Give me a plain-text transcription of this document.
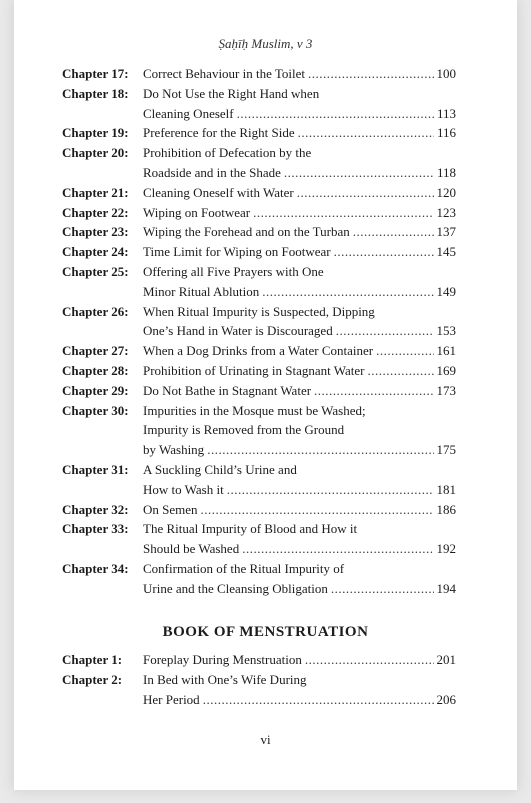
Ṣaḥīḥ Muslim, v 3
Chapter 17:	Correct Behaviour in the Toilet .....	100
Chapter 18:	Do Not Use the Right Hand when
Cleaning Oneself .....	113
Chapter 19:	Preference for the Right Side .....	116
Chapter 20:	Prohibition of Defecation by the
Roadside and in the Shade .....	118
Chapter 21:	Cleaning Oneself with Water .....	120
Chapter 22:	Wiping on Footwear .....	123
Chapter 23:	Wiping the Forehead and on the Turban .....	137
Chapter 24:	Time Limit for Wiping on Footwear .....	145
Chapter 25:	Offering all Five Prayers with One
Minor Ritual Ablution .....	149
Chapter 26:	When Ritual Impurity is Suspected, Dipping
One’s Hand in Water is Discouraged .....	153
Chapter 27:	When a Dog Drinks from a Water Container .....	161
Chapter 28:	Prohibition of Urinating in Stagnant Water .....	169
Chapter 29:	Do Not Bathe in Stagnant Water .....	173
Chapter 30:	Impurities in the Mosque must be Washed;
Impurity is Removed from the Ground
by Washing .....	175
Chapter 31:	A Suckling Child’s Urine and
How to Wash it .....	181
Chapter 32:	On Semen .....	186
Chapter 33:	The Ritual Impurity of Blood and How it
Should be Washed .....	192
Chapter 34:	Confirmation of the Ritual Impurity of
Urine and the Cleansing Obligation .....	194
BOOK OF MENSTRUATION
Chapter 1:	Foreplay During Menstruation .....	201
Chapter 2:	In Bed with One’s Wife During
Her Period .....	206
vi
